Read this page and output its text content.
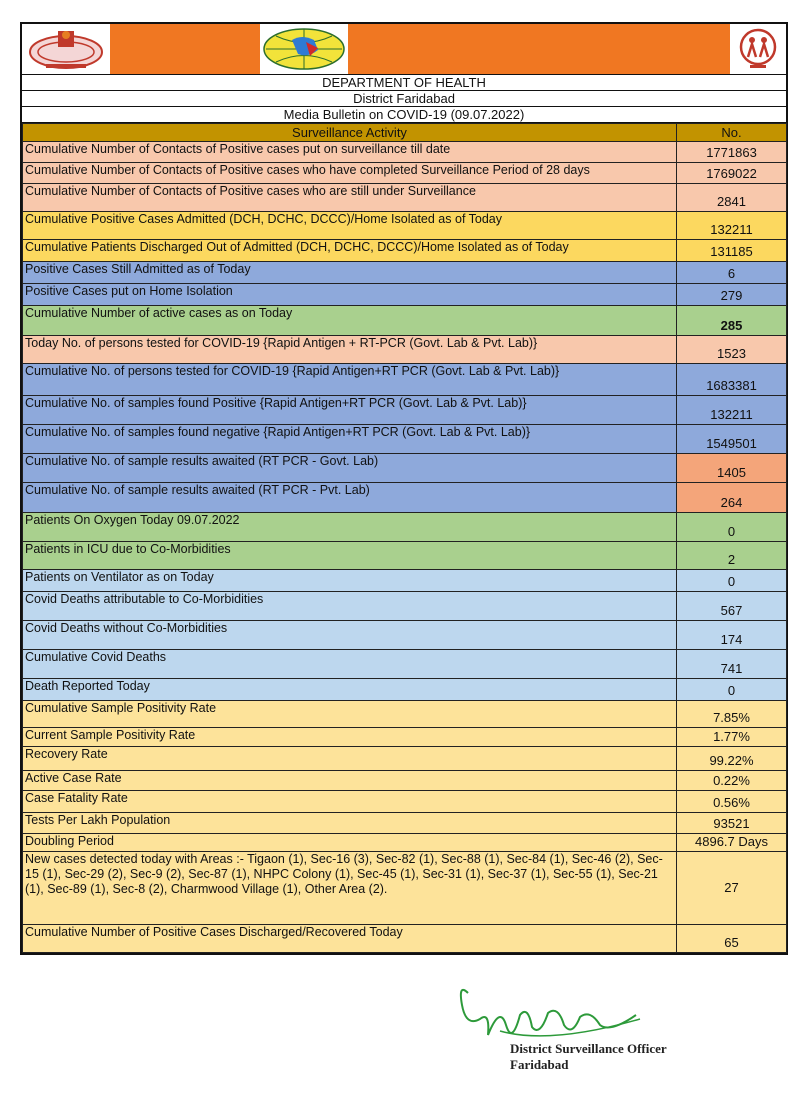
DEPARTMENT OF HEALTH
District Faridabad
Media Bulletin on COVID-19 (09.07.2022)
Surveillance Activity	No.
Cumulative Number of Contacts of Positive cases put on surveillance till date	1771863
Cumulative Number of Contacts of Positive cases who have completed Surveillance Period of 28 days	1769022
Cumulative Number of Contacts of Positive cases who are still under Surveillance	2841
Cumulative Positive Cases Admitted (DCH, DCHC, DCCC)/Home Isolated as of Today	132211
Cumulative Patients Discharged Out of Admitted (DCH, DCHC, DCCC)/Home Isolated as of Today	131185
Positive Cases Still Admitted as of Today	6
Positive Cases put on Home Isolation	279
Cumulative Number of active cases as on Today	285
Today No. of persons tested for COVID-19 {Rapid Antigen + RT-PCR (Govt. Lab & Pvt. Lab)}	1523
Cumulative No. of persons tested for COVID-19 {Rapid Antigen+RT PCR (Govt. Lab & Pvt. Lab)}	1683381
Cumulative No. of samples found Positive {Rapid Antigen+RT PCR (Govt. Lab & Pvt. Lab)}	132211
Cumulative No. of samples found negative {Rapid Antigen+RT PCR (Govt. Lab & Pvt. Lab)}	1549501
Cumulative No. of sample results awaited (RT PCR - Govt. Lab)	1405
Cumulative No. of sample results awaited (RT PCR - Pvt. Lab)	264
Patients On Oxygen Today 09.07.2022	0
Patients in ICU due to Co-Morbidities	2
Patients on Ventilator as on Today	0
Covid Deaths attributable to Co-Morbidities	567
Covid Deaths without Co-Morbidities	174
Cumulative Covid Deaths	741
Death Reported Today	0
Cumulative Sample Positivity Rate	7.85%
Current Sample Positivity Rate	1.77%
Recovery Rate	99.22%
Active Case Rate	0.22%
Case Fatality Rate	0.56%
Tests Per Lakh Population	93521
Doubling Period	4896.7 Days
New cases detected today with Areas :- Tigaon (1), Sec-16 (3), Sec-82 (1), Sec-88 (1), Sec-84 (1), Sec-46 (2), Sec-15 (1), Sec-29 (2), Sec-9 (2), Sec-87 (1), NHPC Colony (1), Sec-45 (1), Sec-31 (1), Sec-37 (1), Sec-55 (1), Sec-21 (1), Sec-89 (1), Sec-8 (2), Charmwood Village (1), Other Area (2).	27
Cumulative Number of Positive Cases Discharged/Recovered Today	65
District Surveillance Officer
Faridabad
